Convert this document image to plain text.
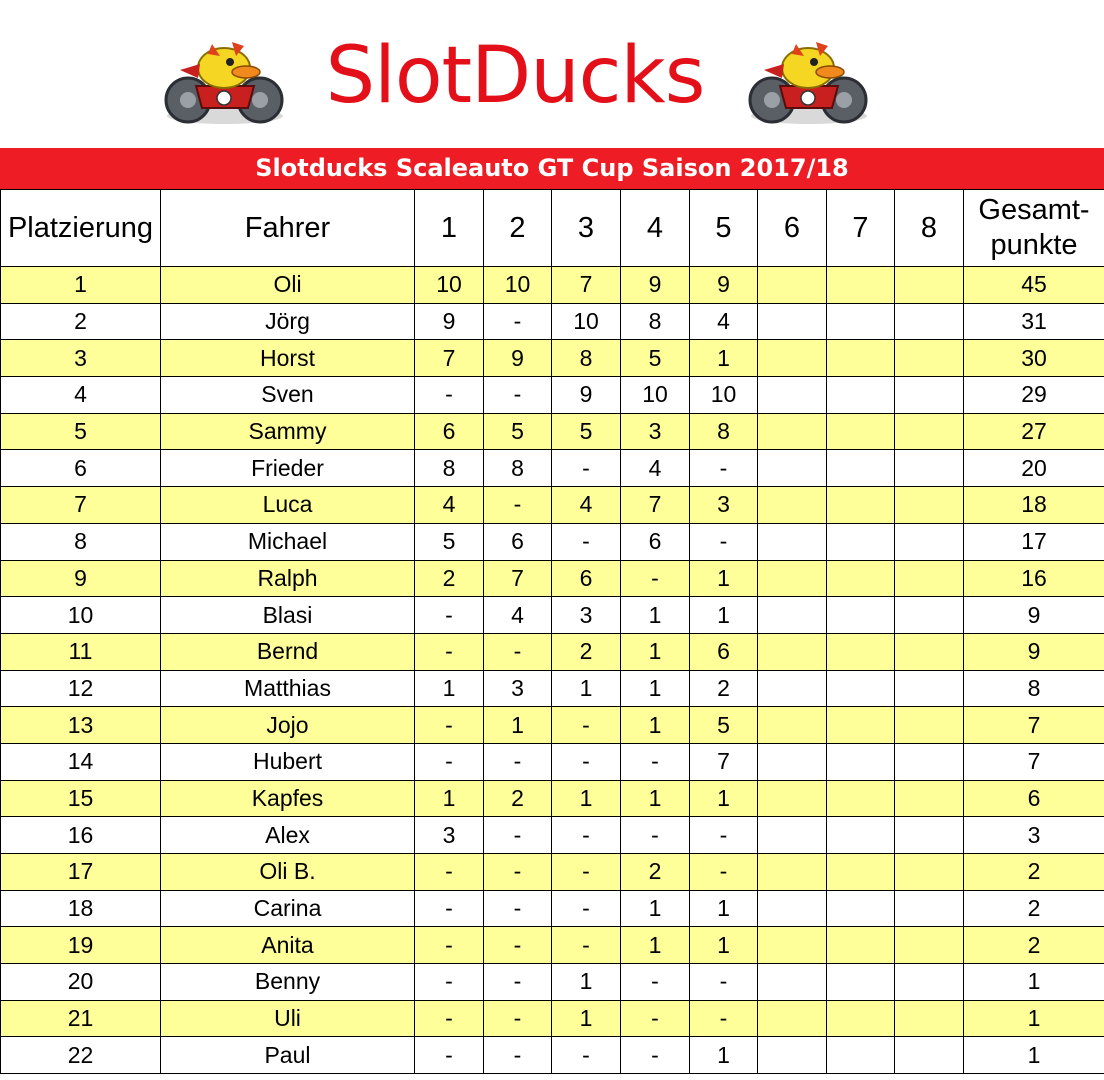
SlotDucks
Slotducks Scaleauto GT Cup Saison 2017/18
Platzierung	Fahrer	1	2	3	4	5	6	7	8	Gesamt-
punkte
1	Oli	10	10	7	9	9				45
2	Jörg	9	-	10	8	4				31
3	Horst	7	9	8	5	1				30
4	Sven	-	-	9	10	10				29
5	Sammy	6	5	5	3	8				27
6	Frieder	8	8	-	4	-				20
7	Luca	4	-	4	7	3				18
8	Michael	5	6	-	6	-				17
9	Ralph	2	7	6	-	1				16
10	Blasi	-	4	3	1	1				9
11	Bernd	-	-	2	1	6				9
12	Matthias	1	3	1	1	2				8
13	Jojo	-	1	-	1	5				7
14	Hubert	-	-	-	-	7				7
15	Kapfes	1	2	1	1	1				6
16	Alex	3	-	-	-	-				3
17	Oli B.	-	-	-	2	-				2
18	Carina	-	-	-	1	1				2
19	Anita	-	-	-	1	1				2
20	Benny	-	-	1	-	-				1
21	Uli	-	-	1	-	-				1
22	Paul	-	-	-	-	1				1
